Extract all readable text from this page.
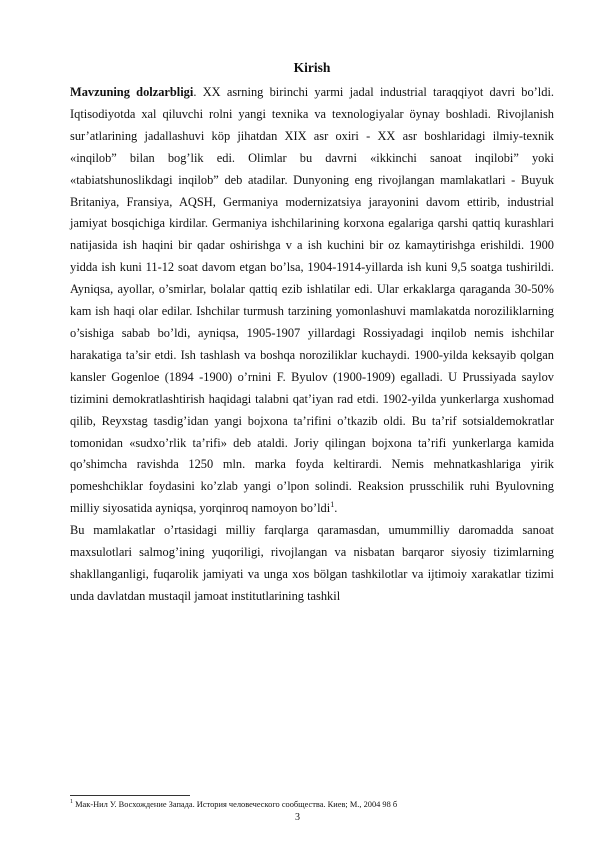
Kirish

Mavzuning dolzarbligi. XX asrning birinchi yarmi jadal industrial taraqqiyot davri bo’ldi. Iqtisodiyotda xal qiluvchi rolni yangi texnika va texnologiyalar öynay boshladi. Rivojlanish sur’atlarining jadallashuvi köp jihatdan XIX asr oxiri - XX asr boshlaridagi ilmiy-texnik «inqilob” bilan bog’lik edi. Olimlar bu davrni «ikkinchi sanoat inqilobi” yoki «tabiatshunoslikdagi inqilob” deb atadilar. Dunyoning eng rivojlangan mamlakatlari - Buyuk Britaniya, Fransiya, AQSH, Germaniya modernizatsiya jarayonini davom ettirib, industrial jamiyat bosqichiga kirdilar. Germaniya ishchilarining korxona egalariga qarshi qattiq kurashlari natijasida ish haqini bir qadar oshirishga v a ish kuchini bir oz kamaytirishga erishildi. 1900 yidda ish kuni 11-12 soat davom etgan bo’lsa, 1904-1914-yillarda ish kuni 9,5 soatga tushirildi. Ayniqsa, ayollar, o’smirlar, bolalar qattiq ezib ishlatilar edi. Ular erkaklarga qaraganda 30-50% kam ish haqi olar edilar. Ishchilar turmush tarzining yomonlashuvi mamlakatda noroziliklarning o’sishiga sabab bo’ldi, ayniqsa, 1905-1907 yillardagi Rossiyadagi inqilob nemis ishchilar harakatiga ta’sir etdi. Ish tashlash va boshqa noroziliklar kuchaydi. 1900-yilda keksayib qolgan kansler Gogenloe (1894 -1900) o’rnini F. Byulov (1900-1909) egalladi. U Prussiyada saylov tizimini demokratlashtirish haqidagi talabni qat’iyan rad etdi. 1902-yilda yunkerlarga xushomad qilib, Reyxstag tasdig’idan yangi bojxona ta’rifini o’tkazib oldi. Bu ta’rif sotsialdemokratlar tomonidan «sudxo’rlik ta’rifi» deb ataldi. Joriy qilingan bojxona ta’rifi yunkerlarga kamida qo’shimcha ravishda 1250 mln. marka foyda keltirardi. Nemis mehnatkashlariga yirik pomeshchiklar foydasini ko’zlab yangi o’lpon solindi. Reaksion prusschilik ruhi Byulovning milliy siyosatida ayniqsa, yorqinroq namoyon bo’ldi$^1$.

Bu mamlakatlar o’rtasidagi milliy farqlarga qaramasdan, umummilliy daromadda sanoat maxsulotlari salmog’ining yuqoriligi, rivojlangan va nisbatan barqaror siyosiy tizimlarning shakllanganligi, fuqarolik jamiyati va unga xos bölgan tashkilotlar va ijtimoiy xarakatlar tizimi unda davlatdan mustaqil jamoat institutlarining tashkil

$^1$ Мак-Нил У. Восхождение Запада. История человеческого сообщества. Киев; М., 2004 98 б
3
